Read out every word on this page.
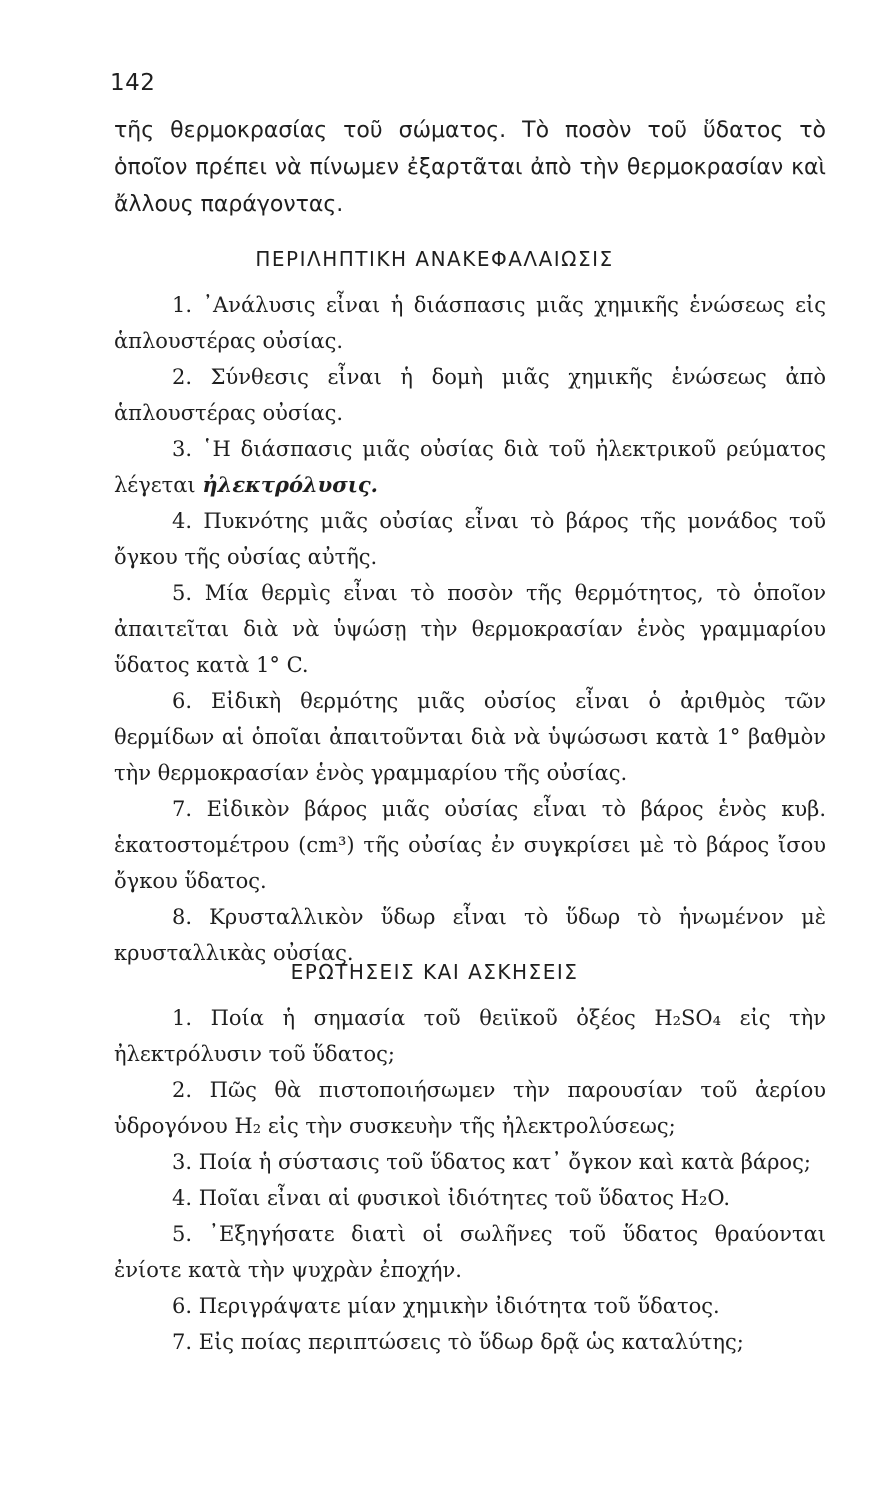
142

τῆς θερμοκρασίας τοῦ σώματος. Τὸ ποσὸν τοῦ ὕδατος τὸ ὁποῖον πρέπει νὰ πίνωμεν ἐξαρτᾶται ἀπὸ τὴν θερμοκρασίαν καὶ ἄλλους παράγοντας.

ΠΕΡΙΛΗΠΤΙΚΗ ΑΝΑΚΕΦΑΛΑΙΩΣΙΣ
1. ᾿Ανάλυσις εἶναι ἡ διάσπασις μιᾶς χημικῆς ἑνώσεως εἰς ἁπλουστέρας οὐσίας.
2. Σύνθεσις εἶναι ἡ δομὴ μιᾶς χημικῆς ἑνώσεως ἀπὸ ἁπλουστέρας οὐσίας.
3. ῾Η διάσπασις μιᾶς οὐσίας διὰ τοῦ ἠλεκτρικοῦ ρεύματος λέγεται ἠλεκτρόλυσις.
4. Πυκνότης μιᾶς οὐσίας εἶναι τὸ βάρος τῆς μονάδος τοῦ ὄγκου τῆς οὐσίας αὐτῆς.
5. Μία θερμὶς εἶναι τὸ ποσὸν τῆς θερμότητος, τὸ ὁποῖον ἀπαιτεῖται διὰ νὰ ὑψώσῃ τὴν θερμοκρασίαν ἑνὸς γραμμαρίου ὕδατος κατὰ 1° C.
6. Εἰδικὴ θερμότης μιᾶς οὐσίος εἶναι ὁ ἀριθμὸς τῶν θερμίδων αἱ ὁποῖαι ἀπαιτοῦνται διὰ νὰ ὑψώσωσι κατὰ 1° βαθμὸν τὴν θερμοκρασίαν ἑνὸς γραμμαρίου τῆς οὐσίας.
7. Εἰδικὸν βάρος μιᾶς οὐσίας εἶναι τὸ βάρος ἑνὸς κυβ. ἑκατοστομέτρου (cm³) τῆς οὐσίας ἐν συγκρίσει μὲ τὸ βάρος ἴσου ὄγκου ὕδατος.
8. Κρυσταλλικὸν ὕδωρ εἶναι τὸ ὕδωρ τὸ ἡνωμένον μὲ κρυσταλλικὰς οὐσίας.
ΕΡΩΤΗΣΕΙΣ ΚΑΙ ΑΣΚΗΣΕΙΣ
1. Ποία ἡ σημασία τοῦ θειϊκοῦ ὀξέος H₂SO₄ εἰς τὴν ἠλεκτρόλυσιν τοῦ ὕδατος;
2. Πῶς θὰ πιστοποιήσωμεν τὴν παρουσίαν τοῦ ἀερίου ὑδρογόνου H₂ εἰς τὴν συσκευὴν τῆς ἠλεκτρολύσεως;
3. Ποία ἡ σύστασις τοῦ ὕδατος κατ᾿ ὄγκον καὶ κατὰ βάρος;
4. Ποῖαι εἶναι αἱ φυσικοὶ ἰδιότητες τοῦ ὕδατος H₂O.
5. ᾿Εξηγήσατε διατὶ οἱ σωλῆνες τοῦ ὕδατος θραύονται ἐνίοτε κατὰ τὴν ψυχρὰν ἐποχήν.
6. Περιγράψατε μίαν χημικὴν ἰδιότητα τοῦ ὕδατος.
7. Εἰς ποίας περιπτώσεις τὸ ὕδωρ δρᾷ ὡς καταλύτης;
